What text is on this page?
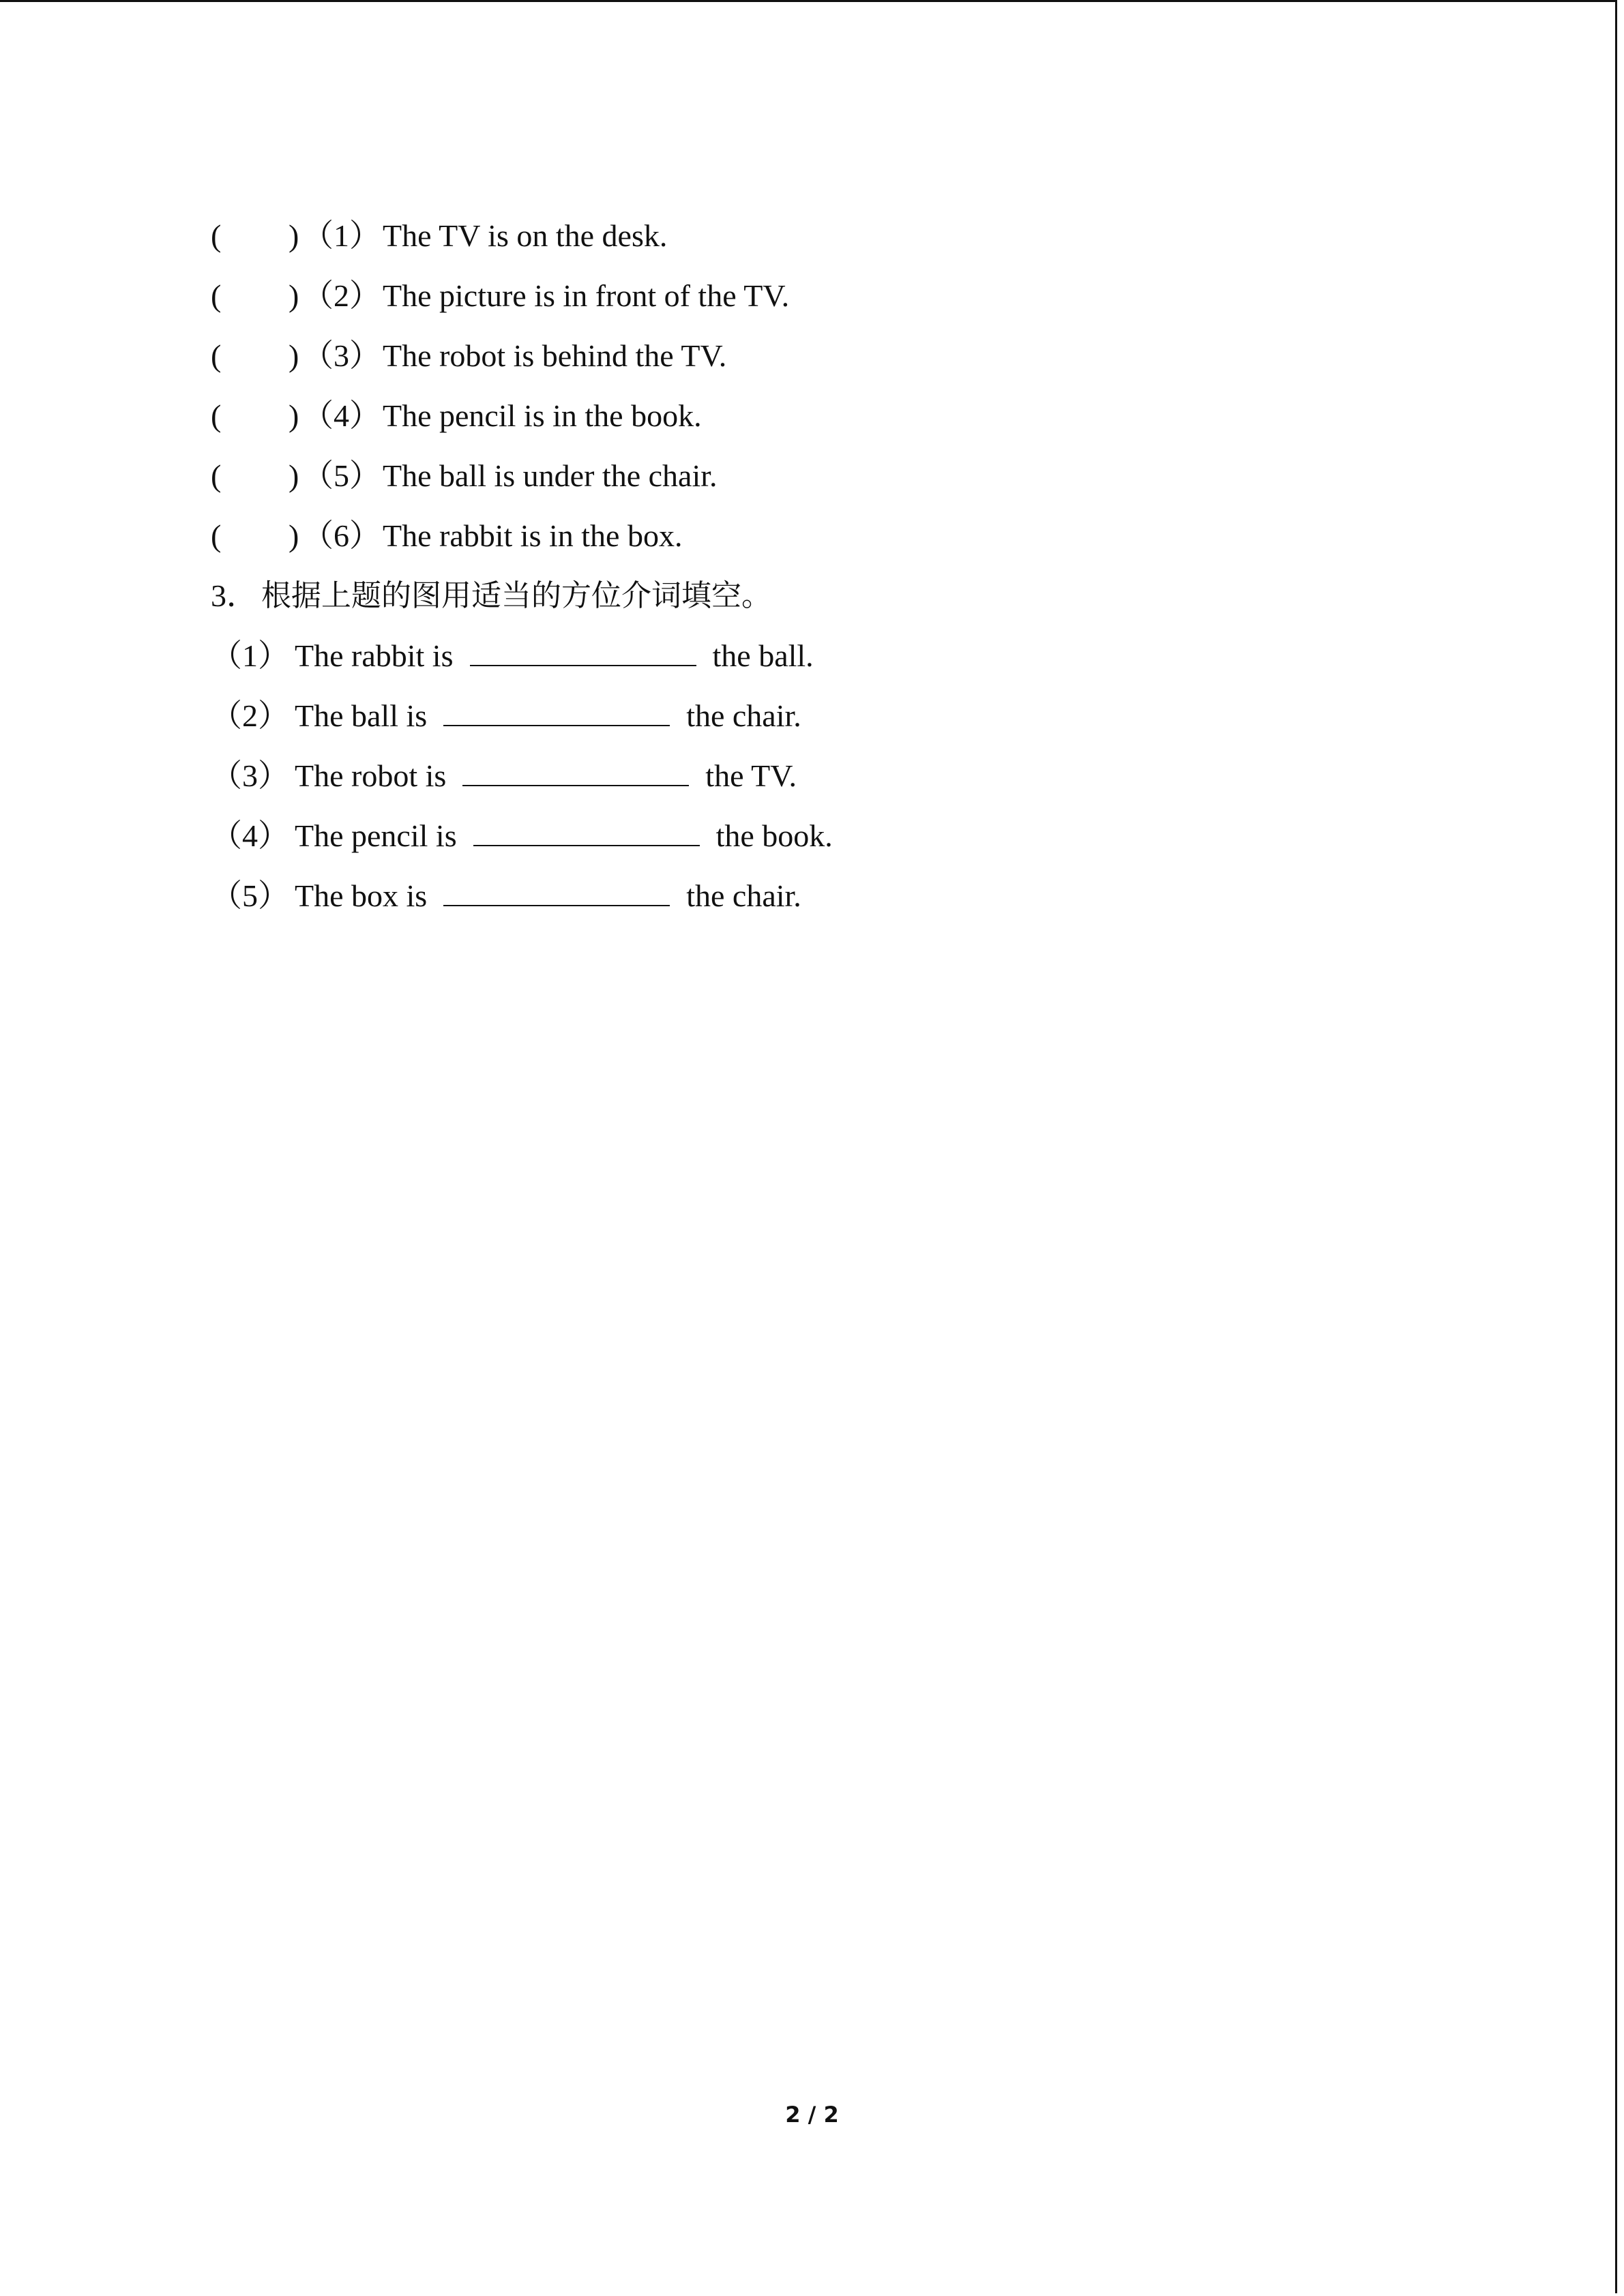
( ) （1） The TV is on the desk.
( ) （2） The picture is in front of the TV.
( ) （3） The robot is behind the TV.
( ) （4） The pencil is in the book.
( ) （5） The ball is under the chair.
( ) （6） The rabbit is in the box.
3． 根据上题的图用适当的方位介词填空。
（1） The rabbit is	the ball.
（2） The ball is	the chair.
（3） The robot is	the TV.
（4） The pencil is	the book.
（5） The box is	the chair.
2 / 2
